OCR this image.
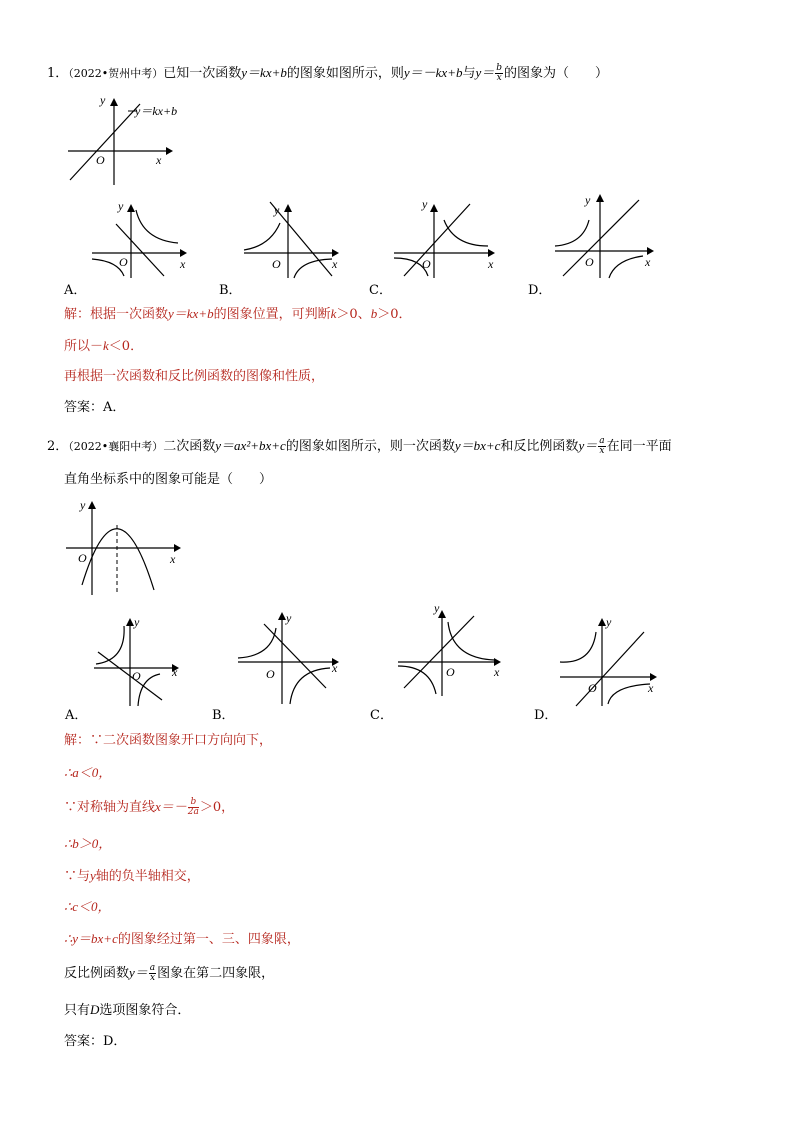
1．（2022•贺州中考）已知一次函数y＝kx+b的图象如图所示，则y＝－kx+b与$y= \frac{b}{x}$ 的图象为（　　）
y
x
O
y＝kx+b
y
x
O
A．
y
x
O
B．
y
x
O
C．
y
x
O
D．
解：根据一次函数y＝kx+b的图象位置，可判断k＞0、b＞0．
所以－k＜0．
再根据一次函数和反比例函数的图像和性质，
答案：A．
2．（2022•襄阳中考）二次函数y＝ax²+bx+c的图象如图所示，则一次函数y＝bx+c和反比例函数$y= \frac{a}{x}$ 在同一平面
直角坐标系中的图象可能是（　　）
y
x
O
y
x
O
A．
y
x
O
B．
y
x
O
C．
y
x
O
D．
解：∵二次函数图象开口方向向下，
∴a＜0，
∵对称轴为直线$x=- \frac{b}{2a} >0$，
∴b＞0，
∵与y轴的负半轴相交，
∴c＜0，
∴y＝bx+c的图象经过第一、三、四象限，
反比例函数$y= \frac{a}{x}$ 图象在第二四象限，
只有D选项图象符合．
答案：D．
